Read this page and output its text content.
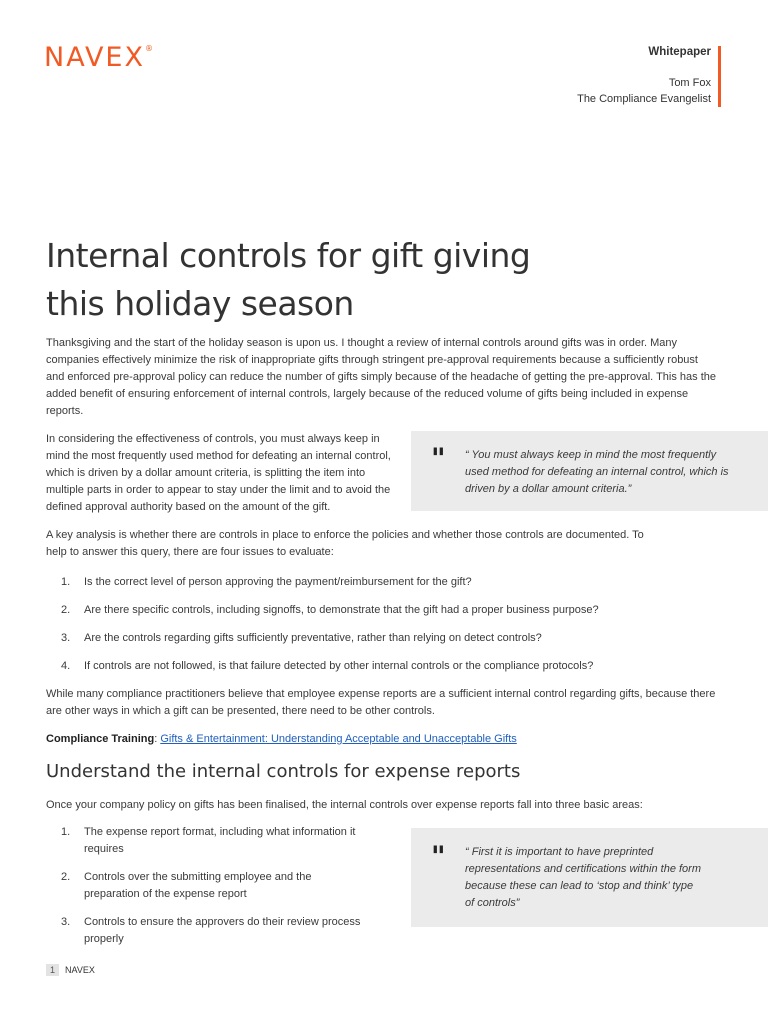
NAVEX®	Whitepaper
Tom Fox
The Compliance Evangelist
Internal controls for gift giving
this holiday season

Thanksgiving and the start of the holiday season is upon us. I thought a review of internal controls around gifts was in order. Many companies effectively minimize the risk of inappropriate gifts through stringent pre-approval requirements because a sufficiently robust and enforced pre-approval policy can reduce the number of gifts simply because of the headache of getting the pre-approval. This has the added benefit of ensuring enforcement of internal controls, largely because of the reduced volume of gifts being included in expense reports.

In considering the effectiveness of controls, you must always keep in mind the most frequently used method for defeating an internal control, which is driven by a dollar amount criteria, is splitting the item into multiple parts in order to appear to stay under the limit and to avoid the defined approval authority based on the amount of the gift.

" “ You must always keep in mind the most frequently used method for defeating an internal control, which is driven by a dollar amount criteria.”

A key analysis is whether there are controls in place to enforce the policies and whether those controls are documented. To help to answer this query, there are four issues to evaluate:

1. Is the correct level of person approving the payment/reimbursement for the gift?
2. Are there specific controls, including signoffs, to demonstrate that the gift had a proper business purpose?
3. Are the controls regarding gifts sufficiently preventative, rather than relying on detect controls?
4. If controls are not followed, is that failure detected by other internal controls or the compliance protocols?

While many compliance practitioners believe that employee expense reports are a sufficient internal control regarding gifts, because there are other ways in which a gift can be presented, there need to be other controls.

Compliance Training: Gifts & Entertainment: Understanding Acceptable and Unacceptable Gifts
Understand the internal controls for expense reports

Once your company policy on gifts has been finalised, the internal controls over expense reports fall into three basic areas:

1. The expense report format, including what information it requires
2. Controls over the submitting employee and the preparation of the expense report
3. Controls to ensure the approvers do their review process properly
" “ First it is important to have preprinted representations and certifications within the form because these can lead to ‘stop and think’ type of controls”
1	NAVEX
